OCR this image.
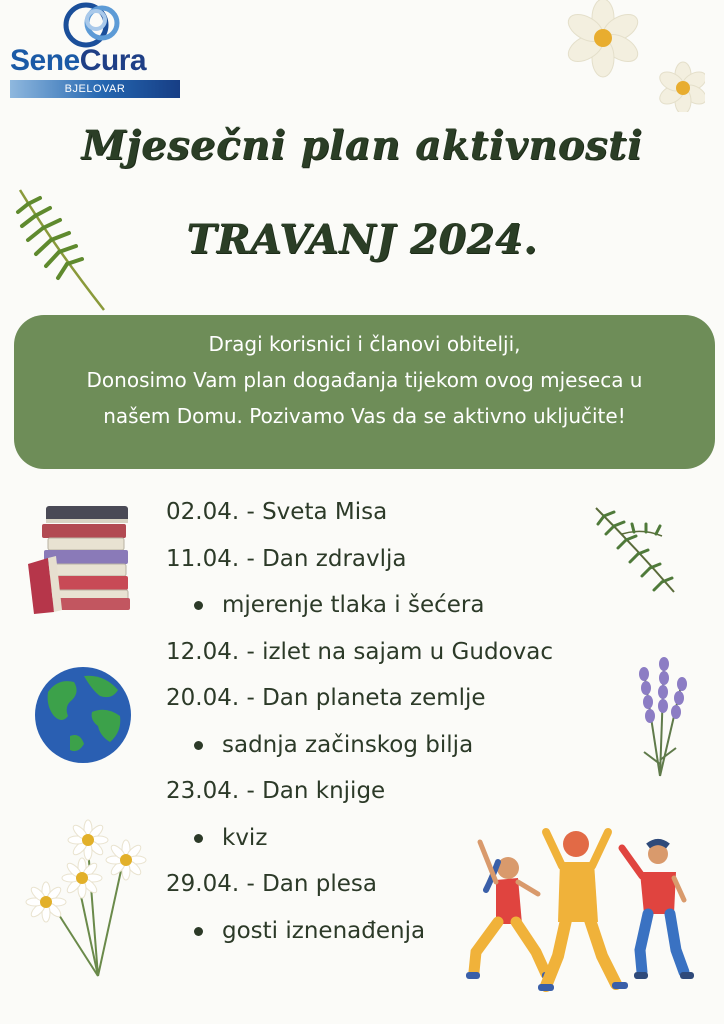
SeneCura
BJELOVAR
Mjesečni plan aktivnosti
TRAVANJ 2024.
Dragi korisnici i članovi obitelji,
Donosimo Vam plan događanja tijekom ovog mjeseca u
našem Domu. Pozivamo Vas da se aktivno uključite!
02.04. - Sveta Misa
11.04. - Dan zdravlja
mjerenje tlaka i šećera
12.04. - izlet na sajam u Gudovac
20.04. - Dan planeta zemlje
sadnja začinskog bilja
23.04. - Dan knjige
kviz
29.04. - Dan plesa
gosti iznenađenja
